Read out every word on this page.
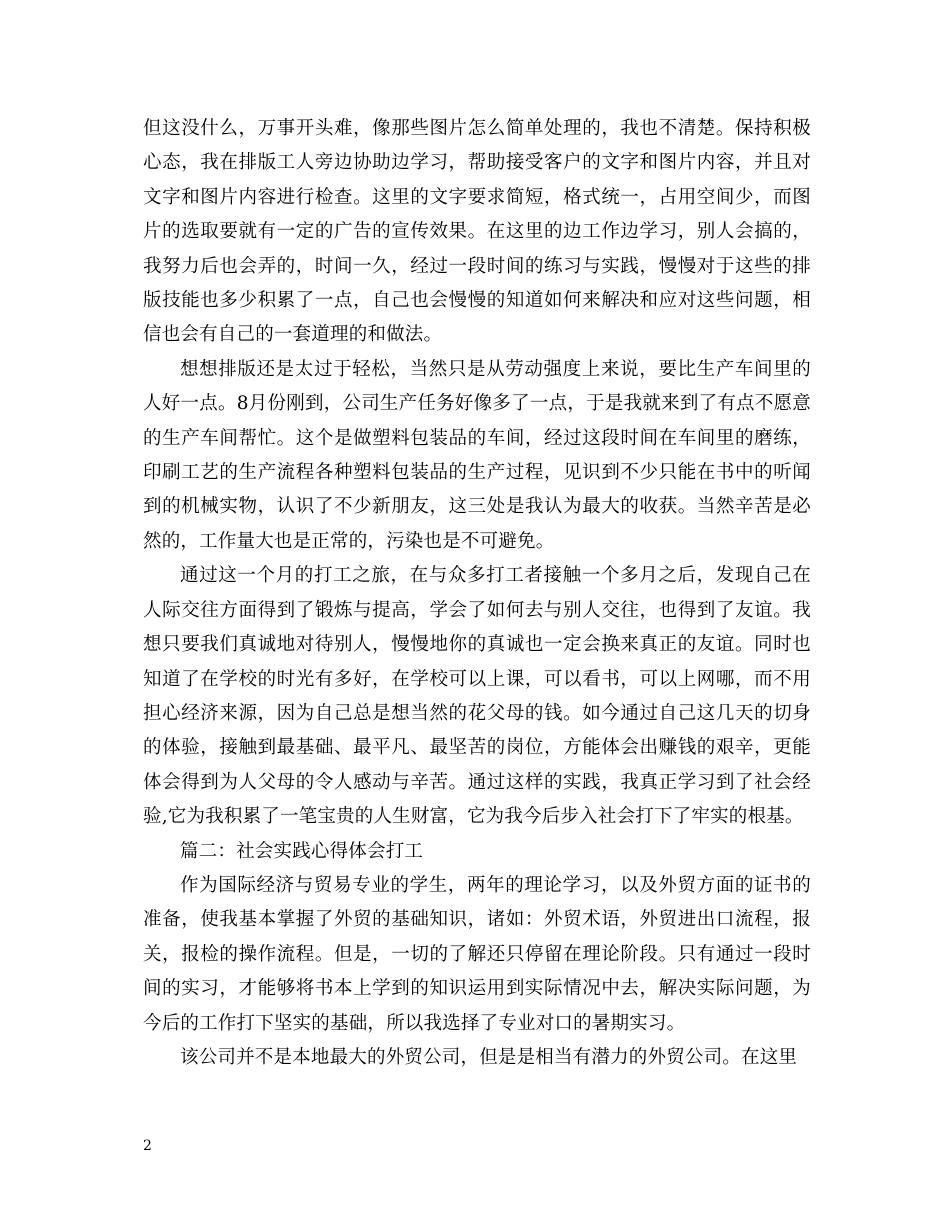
但这没什么，万事开头难，像那些图片怎么简单处理的，我也不清楚。保持积极心态，我在排版工人旁边协助边学习，帮助接受客户的文字和图片内容，并且对文字和图片内容进行检查。这里的文字要求简短，格式统一，占用空间少，而图片的选取要就有一定的广告的宣传效果。在这里的边工作边学习，别人会搞的，我努力后也会弄的，时间一久，经过一段时间的练习与实践，慢慢对于这些的排版技能也多少积累了一点，自己也会慢慢的知道如何来解决和应对这些问题，相信也会有自己的一套道理的和做法。

想想排版还是太过于轻松，当然只是从劳动强度上来说，要比生产车间里的人好一点。8月份刚到，公司生产任务好像多了一点，于是我就来到了有点不愿意的生产车间帮忙。这个是做塑料包装品的车间，经过这段时间在车间里的磨练，印刷工艺的生产流程各种塑料包装品的生产过程，见识到不少只能在书中的听闻到的机械实物，认识了不少新朋友，这三处是我认为最大的收获。当然辛苦是必然的，工作量大也是正常的，污染也是不可避免。

通过这一个月的打工之旅，在与众多打工者接触一个多月之后，发现自己在人际交往方面得到了锻炼与提高，学会了如何去与别人交往，也得到了友谊。我想只要我们真诚地对待别人，慢慢地你的真诚也一定会换来真正的友谊。同时也知道了在学校的时光有多好，在学校可以上课，可以看书，可以上网哪，而不用担心经济来源，因为自己总是想当然的花父母的钱。如今通过自己这几天的切身的体验，接触到最基础、最平凡、最坚苦的岗位，方能体会出赚钱的艰辛，更能体会得到为人父母的令人感动与辛苦。通过这样的实践，我真正学习到了社会经验,它为我积累了一笔宝贵的人生财富，它为我今后步入社会打下了牢实的根基。

篇二：社会实践心得体会打工

作为国际经济与贸易专业的学生，两年的理论学习，以及外贸方面的证书的准备，使我基本掌握了外贸的基础知识，诸如：外贸术语，外贸进出口流程，报关，报检的操作流程。但是，一切的了解还只停留在理论阶段。只有通过一段时间的实习，才能够将书本上学到的知识运用到实际情况中去，解决实际问题，为今后的工作打下坚实的基础，所以我选择了专业对口的暑期实习。

该公司并不是本地最大的外贸公司，但是是相当有潜力的外贸公司。在这里

2
